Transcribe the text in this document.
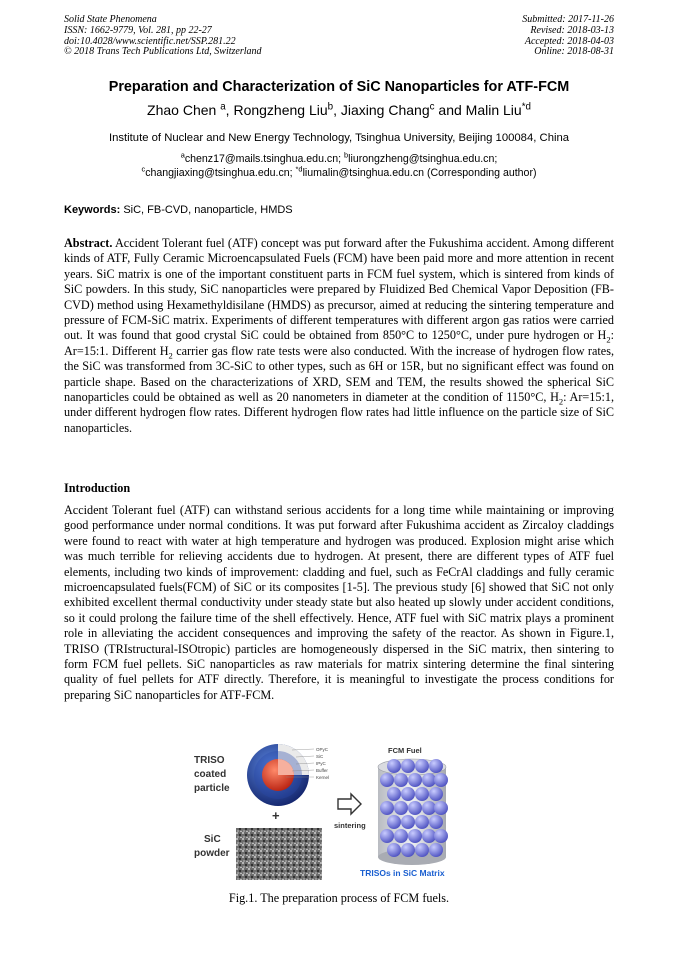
Solid State Phenomena
ISSN: 1662-9779, Vol. 281, pp 22-27
doi:10.4028/www.scientific.net/SSP.281.22
© 2018 Trans Tech Publications Ltd, Switzerland
Submitted: 2017-11-26
Revised: 2018-03-13
Accepted: 2018-04-03
Online: 2018-08-31
Preparation and Characterization of SiC Nanoparticles for ATF-FCM
Zhao Chen $^a$, Rongzheng Liu$^b$, Jiaxing Chang$^c$ and Malin Liu$^{*d}$
Institute of Nuclear and New Energy Technology, Tsinghua University, Beijing 100084, China
$^a$chenz17@mails.tsinghua.edu.cn; $^b$liurongzheng@tsinghua.edu.cn;
$^c$changjiaxing@tsinghua.edu.cn; $^{*d}$liumalin@tsinghua.edu.cn (Corresponding author)
Keywords: SiC, FB-CVD, nanoparticle, HMDS
Abstract. Accident Tolerant fuel (ATF) concept was put forward after the Fukushima accident. Among different kinds of ATF, Fully Ceramic Microencapsulated Fuels (FCM) have been paid more and more attention in recent years. SiC matrix is one of the important constituent parts in FCM fuel system, which is sintered from kinds of SiC powders. In this study, SiC nanoparticles were prepared by Fluidized Bed Chemical Vapor Deposition (FB-CVD) method using Hexamethyldisilane (HMDS) as precursor, aimed at reducing the sintering temperature and pressure of FCM-SiC matrix. Experiments of different temperatures with different argon gas ratios were carried out. It was found that good crystal SiC could be obtained from 850°C to 1250°C, under pure hydrogen or $H_2$: Ar=15:1. Different $H_2$ carrier gas flow rate tests were also conducted. With the increase of hydrogen flow rates, the SiC was transformed from 3C-SiC to other types, such as 6H or 15R, but no significant effect was found on particle shape. Based on the characterizations of XRD, SEM and TEM, the results showed the spherical SiC nanoparticles could be obtained as well as 20 nanometers in diameter at the condition of 1150°C, $H_2$: Ar=15:1, under different hydrogen flow rates. Different hydrogen flow rates had little influence on the particle size of SiC nanoparticles.
Introduction
Accident Tolerant fuel (ATF) can withstand serious accidents for a long time while maintaining or improving good performance under normal conditions. It was put forward after Fukushima accident as Zircaloy claddings were found to react with water at high temperature and hydrogen was produced. Explosion might arise which was much terrible for relieving accidents due to hydrogen. At present, there are different types of ATF fuel elements, including two kinds of improvement: cladding and fuel, such as FeCrAl claddings and fully ceramic microencapsulated fuels(FCM) of SiC or its composites [1-5]. The previous study [6] showed that SiC not only exhibited excellent thermal conductivity under steady state but also heated up slowly under accident conditions, so it could prolong the failure time of the shell effectively. Hence, ATF fuel with SiC matrix plays a prominent role in alleviating the accident consequences and improving the safety of the reactor. As shown in Figure.1, TRISO (TRIstructural-ISOtropic) particles are homogeneously dispersed in the SiC matrix, then sintering to form FCM fuel pellets. SiC nanoparticles as raw materials for matrix sintering determine the final sintering quality of fuel pellets for ATF directly. Therefore, it is meaningful to investigate the process conditions for preparing SiC nanoparticles for ATF-FCM.
TRISO
coated
particle
OPyC
SiC
IPyC
Buffer
Kernel
+
SiC
powder
sintering
FCM Fuel
TRISOs in SiC Matrix
Fig.1. The preparation process of FCM fuels.
